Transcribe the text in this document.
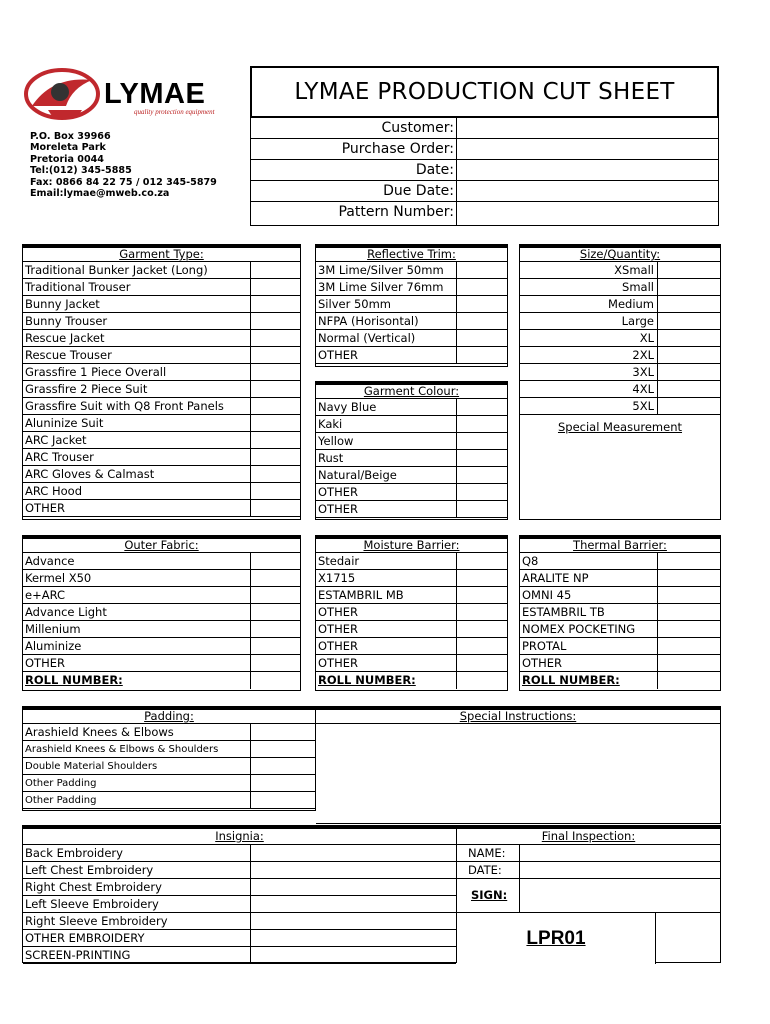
LYMAE
quality protection equipment
P.O. Box 39966
Moreleta Park
Pretoria 0044
Tel:(012) 345-5885
Fax: 0866 84 22 75 / 012 345-5879
Email:lymae@mweb.co.za
LYMAE PRODUCTION CUT SHEET
Customer:
Purchase Order:
Date:
Due Date:
Pattern Number:
Garment Type:
Traditional Bunker Jacket (Long)
Traditional Trouser
Bunny Jacket
Bunny Trouser
Rescue Jacket
Rescue Trouser
Grassfire 1 Piece Overall
Grassfire 2 Piece Suit
Grassfire Suit with Q8 Front Panels
Aluninize Suit
ARC Jacket
ARC Trouser
ARC Gloves & Calmast
ARC Hood
OTHER
Reflective Trim:
3M Lime/Silver 50mm
3M Lime Silver 76mm
Silver 50mm
NFPA (Horisontal)
Normal (Vertical)
OTHER
Garment Colour:
Navy Blue
Kaki
Yellow
Rust
Natural/Beige
OTHER
OTHER
Size/Quantity:
XSmall
Small
Medium
Large
XL
2XL
3XL
4XL
5XL
Special Measurement
Outer Fabric:
Advance
Kermel X50
e+ARC
Advance Light
Millenium
Aluminize
OTHER
ROLL NUMBER:
Moisture Barrier:
Stedair
X1715
ESTAMBRIL MB
OTHER
OTHER
OTHER
OTHER
ROLL NUMBER:
Thermal Barrier:
Q8
ARALITE NP
OMNI 45
ESTAMBRIL TB
NOMEX POCKETING
PROTAL
OTHER
ROLL NUMBER:
Padding:
Arashield Knees & Elbows
Arashield Knees & Elbows & Shoulders
Double Material Shoulders
Other Padding
Other Padding
Special Instructions:
Insignia:
Back Embroidery
Left Chest Embroidery
Right Chest Embroidery
Left Sleeve Embroidery
Right Sleeve Embroidery
OTHER EMBROIDERY
SCREEN-PRINTING
Final Inspection:
NAME:
DATE:
SIGN:
LPR01
